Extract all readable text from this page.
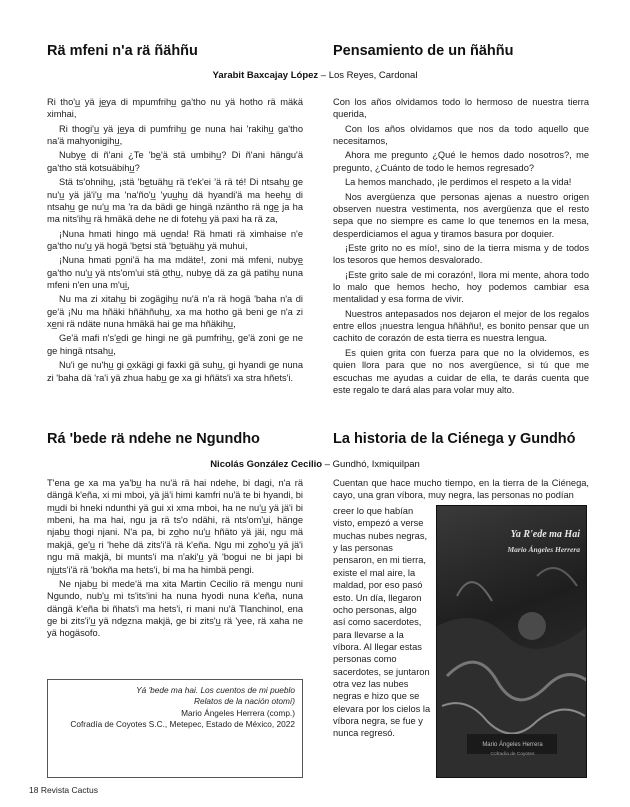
Rä mfeni n'a rä ñähñu	Pensamiento de un ñähñu
Yarabit Baxcajay López – Los Reyes, Cardonal

Ri tho'u̲ yä je̲ya di mpumfrihu̲ ga'tho nu yä hotho rä mäkä ximhai,

Ri thogi'u̲ yä je̲ya di pumfrihu̲ ge nuna hai 'rakihu̲ ga'tho na'ä mahyonigihu̲,

Nubye̲ di ñ'ani ¿Te 'be̲'ä stä umbihu̲? Di ñ'ani hängu'ä ga'tho stä kotsuäbihu̲?

Stä ts'ohnihu̲, ¡stä 'be̲tuähu̲ rä t'ek'ei 'ä rä té! Di ntsahu̲ ge nu'u̲ yä jä'i'u̲ ma 'na'ño'u̲ 'yuu̲hu̲ dä hyandi'ä ma heehu̲ di ntsahu̲ ge nu'u̲ ma 'ra da bädi ge hingä nzäntho rä nge̲ ja ha ma nits'ihu̲ rä hmäkä dehe ne di fotehu̲ yä paxi ha rä za,

¡Nuna hmati hingo mä ue̲nda! Rä hmati rä ximhaise n'e ga'tho nu'u̲ yä hogä 'be̲tsi stä 'be̲tuähu̲ yä muhui,

¡Nuna hmati po̲ni'ä ha ma mdäte!, zoni mä mfeni, nubye̲ ga'tho nu'u̲ yä nts'om'ui stä o̲thu̲, nubye̲ dä za gä patihu̲ nuna mfeni n'en una m'ui̲,

Nu ma zi xitahu̲ bi zogägihu̲ nu'ä n'a rä hogä 'baha n'a di ge'ä ¡Nu ma hñäki hñähñuhu̲, xa ma hotho gä beni ge n'a zi xe̲ni rä ndäte nuna hmäkä hai ge ma hñäkihu̲,

Ge'ä mafi n's'e̲di ge hingi ne gä pumfrihu̲, ge'ä zoni ge ne ge hingä ntsahu̲,

Nu'i ge nu'hu̲ gi o̲xkägi gi faxki gä suhu̲, gi hyandi ge nuna zi 'baha dä 'ra'i yä zhua habu̲ ge xa gi hñäts'i xa stra hñets'i.

Con los años olvidamos todo lo hermoso de nuestra tierra querida,

Con los años olvidamos que nos da todo aquello que necesitamos,

Ahora me pregunto ¿Qué le hemos dado nosotros?, me pregunto, ¿Cuánto de todo le hemos regresado?

La hemos manchado, ¡le perdimos el respeto a la vida!

Nos avergüenza que personas ajenas a nuestro origen observen nuestra vestimenta, nos avergüenza que el resto sepa que no siempre es came lo que tenemos en la mesa, desperdiciamos el agua y tiramos basura por doquier.

¡Este grito no es mío!, sino de la tierra misma y de todos los tesoros que hemos desvalorado.

¡Este grito sale de mi corazón!, llora mi mente, ahora todo lo malo que hemos hecho, hoy podemos cambiar esa mentalidad y esa forma de vivir.

Nuestros antepasados nos dejaron el mejor de los regalos entre ellos ¡nuestra lengua hñähñu!, es bonito pensar que un cachito de corazón de esta tierra es nuestra lengua.

Es quien grita con fuerza para que no la olvidemos, es quien llora para que no nos avergüence, si tú que me escuchas me ayudas a cuidar de ella, te darás cuenta que este regalo te dará alas para volar muy alto.

Rá 'bede rä ndehe ne Ngundho	La historia de la Ciénega y Gundhó
Nicolás González Cecilio – Gundhó, Ixmiquilpan

T'ena ge xa ma ya'bu̲ ha nu'ä rä hai ndehe, bi dagi, n'a rä dängä k'eña, xi mi mboi, yä jä'i himi kamfri nu'ä te bi hyandi, bi mu̲di bi hneki ndunthi yä gui xi xma mboi, ha ne nu'u̲ yä jä'i bi mbeni, ha ma hai, ngu ja rä ts'o ndähi, rä nts'om'u̲i, hänge njabu̲ thogi njani. N'a pa, bi zo̲ho nu'u̲ hñäto yä jäi, ngu mä makjä, ge'u̲ ri 'hehe dä zits'i'ä rä k'eña. Ngu mi zo̲ho'u̲ yä jä'i ngu mä makjä, bi munts'i ma n'aki'u̲ yä 'bogui ne bi japi bi nju̲ts'i'ä rä 'bokña ma hets'i, bi ma ha himbä pengi.

Ne njabu̲ bi mede'ä ma xita Martin Cecilio rä mengu nuni Ngundo, nub'u̲ mi ts'its'ini ha nuna hyodi nuna k'eña, nuna dängä k'eña bi ñhats'i ma hets'i, ri mani nu'ä Tlanchinol, ena ge bi zits'i'u̲ yä nde̲zna makjä, ge bi zits'u̲ rä 'yee, rä xaha ne yä hogäsofo.

Cuentan que hace mucho tiempo, en la tierra de la Ciénega, cayo, una gran víbora, muy negra, las personas no podían

Ya R'ede ma Hai
Mario Ángeles Herrera
Mario Ángeles Herrera
Cofradía de Coyotes

creer lo que habían visto, empezó a verse muchas nubes negras, y las personas pensaron, en mi tierra, existe el mal aire, la maldad, por eso pasó esto. Un día, llegaron ocho personas, algo así como sacerdotes, para llevarse a la víbora. Al llegar estas personas como sacerdotes, se juntaron otra vez las nubes negras e hizo que se elevara por los cielos la víbora negra, se fue y nunca regresó.

Yá 'bede ma hai. Los cuentos de mi pueblo
Relatos de la nación otomí)
Mario Ángeles Herrera (comp.)
Cofradía de Coyotes S.C., Metepec, Estado de México, 2022
18 Revista Cactus
